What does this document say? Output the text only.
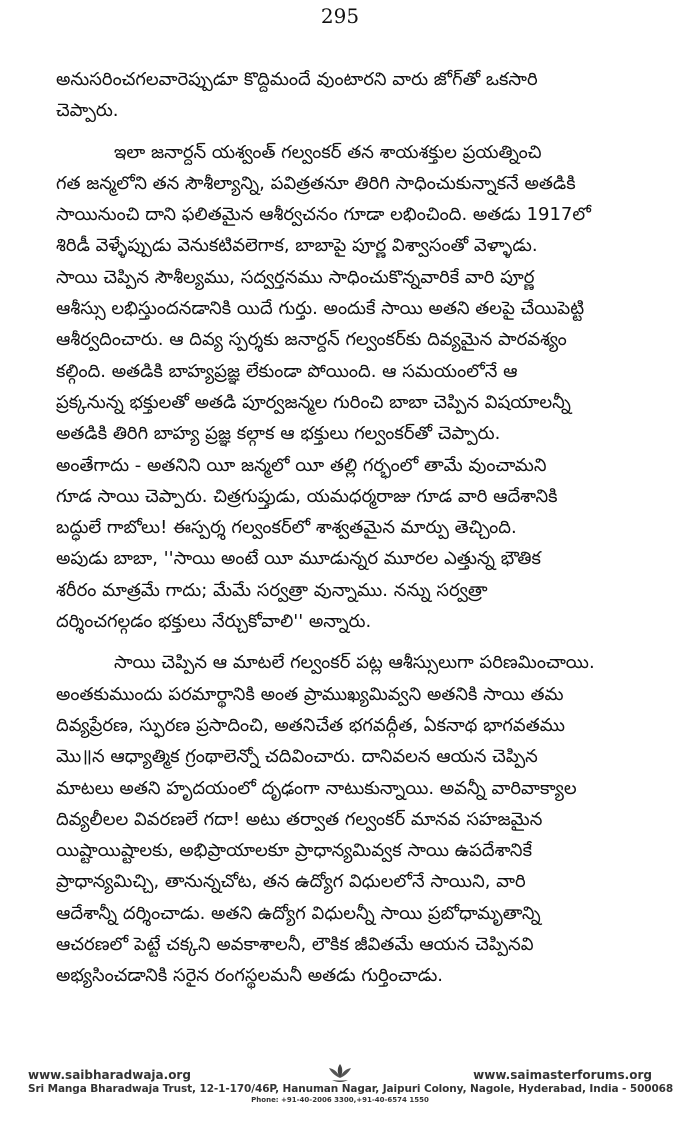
295
అనుసరించగలవారెప్పుడూ కొద్దిమందే వుంటారని వారు జోగ్‌తో ఒకసారి
చెప్పారు.
ఇలా జనార్దన్ యశ్వంత్ గల్వంకర్ తన శాయశక్తుల ప్రయత్నించి
గత జన్మలోని తన సౌశీల్యాన్ని, పవిత్రతనూ తిరిగి సాధించుకున్నాకనే అతడికి
సాయినుంచి దాని ఫలితమైన ఆశీర్వచనం గూడా లభించింది. అతడు 1917లో
శిరిడీ వెళ్ళేప్పుడు వెనుకటివలెగాక, బాబాపై పూర్ణ విశ్వాసంతో వెళ్ళాడు.
సాయి చెప్పిన సౌశీల్యము, సద్వర్తనము సాధించుకొన్నవారికే వారి పూర్ణ
ఆశీస్సు లభిస్తుందనడానికి యిదే గుర్తు. అందుకే సాయి అతని తలపై చేయిపెట్టి
ఆశీర్వదించారు. ఆ దివ్య స్పర్శకు జనార్దన్ గల్వంకర్‌కు దివ్యమైన పారవశ్యం
కల్గింది. అతడికి బాహ్యప్రజ్ఞ లేకుండా పోయింది. ఆ సమయంలోనే ఆ
ప్రక్కనున్న భక్తులతో అతడి పూర్వజన్మల గురించి బాబా చెప్పిన విషయాలన్నీ
అతడికి తిరిగి బాహ్య ప్రజ్ఞ కల్గాక ఆ భక్తులు గల్వంకర్‌తో చెప్పారు.
అంతేగాదు - అతనిని యీ జన్మలో యీ తల్లి గర్భంలో తామే వుంచామని
గూడ సాయి చెప్పారు. చిత్రగుప్తుడు, యమధర్మరాజు గూడ వారి ఆదేశానికి
బద్ధులే గాబోలు! ఈస్పర్శ గల్వంకర్‌లో శాశ్వతమైన మార్పు తెచ్చింది.
అపుడు బాబా, ''సాయి అంటే యీ మూడున్నర మూరల ఎత్తున్న భౌతిక
శరీరం మాత్రమే గాదు; మేమే సర్వత్రా వున్నాము. నన్ను సర్వత్రా
దర్శించగల్గడం భక్తులు నేర్చుకోవాలి'' అన్నారు.
సాయి చెప్పిన ఆ మాటలే గల్వంకర్ పట్ల ఆశీస్సులుగా పరిణమించాయి.
అంతకుముందు పరమార్థానికి అంత ప్రాముఖ్యమివ్వని అతనికి సాయి తమ
దివ్యప్రేరణ, స్ఫురణ ప్రసాదించి, అతనిచేత భగవద్గీత, ఏకనాథ భాగవతము
మొ॥న ఆధ్యాత్మిక గ్రంథాలెన్నో చదివించారు. దానివలన ఆయన చెప్పిన
మాటలు అతని హృదయంలో దృఢంగా నాటుకున్నాయి. అవన్నీ వారివాక్యాల
దివ్యలీలల వివరణలే గదా! అటు తర్వాత గల్వంకర్ మానవ సహజమైన
యిష్టాయిష్టాలకు, అభిప్రాయాలకూ ప్రాధాన్యమివ్వక సాయి ఉపదేశానికే
ప్రాధాన్యమిచ్చి, తానున్నచోట, తన ఉద్యోగ విధులలోనే సాయిని, వారి
ఆదేశాన్నీ దర్శించాడు. అతని ఉద్యోగ విధులన్నీ సాయి ప్రబోధామృతాన్ని
ఆచరణలో పెట్టే చక్కని అవకాశాలనీ, లౌకిక జీవితమే ఆయన చెప్పినవి
అభ్యసించడానికి సరైన రంగస్థలమనీ అతడు గుర్తించాడు.
www.saibharadwaja.org	www.saimasterforums.org
Sri Manga Bharadwaja Trust, 12-1-170/46P, Hanuman Nagar, Jaipuri Colony, Nagole, Hyderabad, India - 500068
Phone: +91-40-2006 3300,+91-40-6574 1550
